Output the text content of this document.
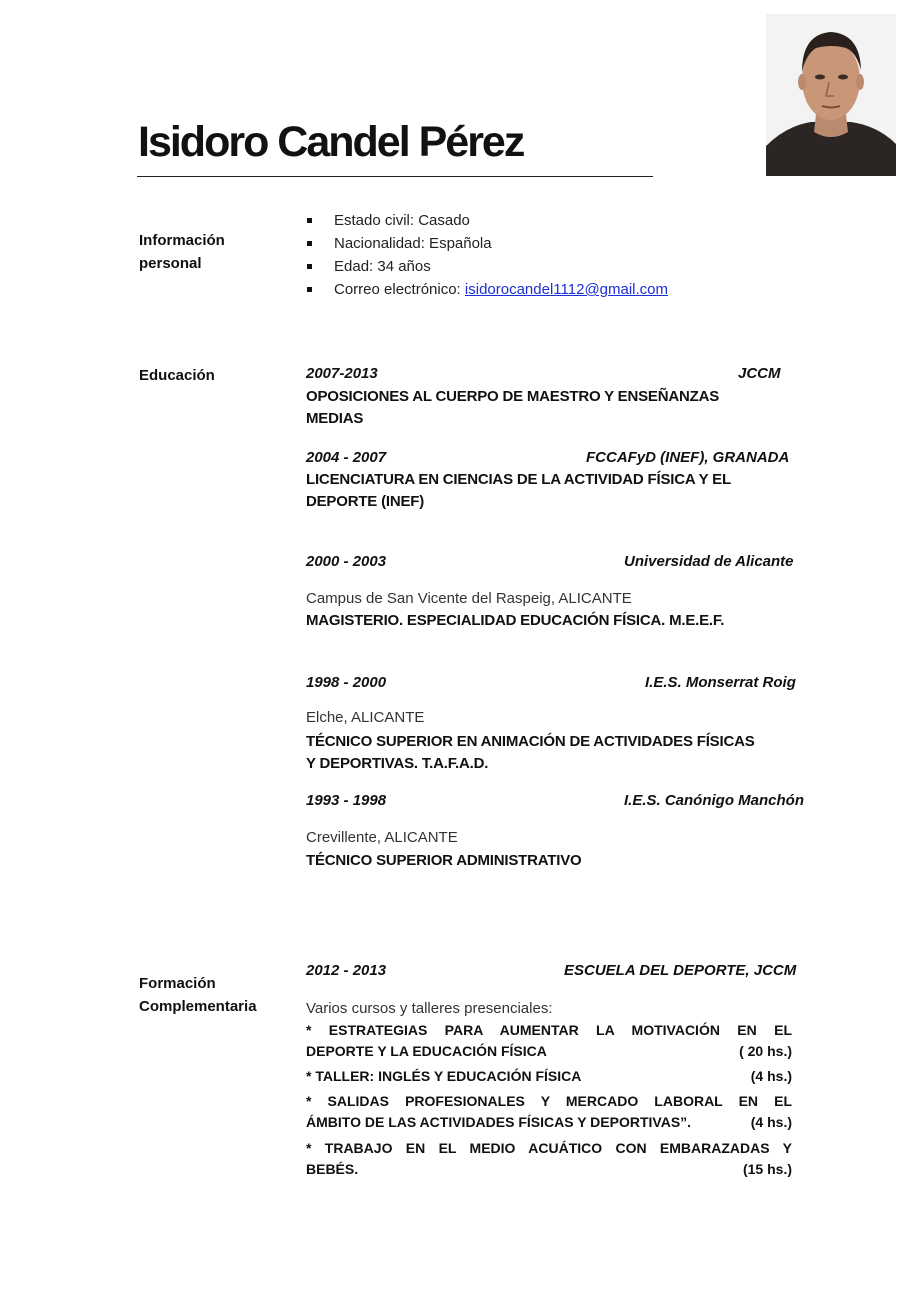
Isidoro Candel Pérez
Información
personal
Estado civil: Casado
Nacionalidad: Española
Edad: 34 años
Correo electrónico: isidorocandel1112@gmail.com
Educación	2007-2013	JCCM
OPOSICIONES AL CUERPO DE MAESTRO Y ENSEÑANZAS
MEDIAS
2004 - 2007	FCCAFyD (INEF), GRANADA
LICENCIATURA EN CIENCIAS DE LA ACTIVIDAD FÍSICA Y EL
DEPORTE (INEF)
2000 - 2003	Universidad de Alicante
Campus de San Vicente del Raspeig, ALICANTE
MAGISTERIO. ESPECIALIDAD EDUCACIÓN FÍSICA. M.E.E.F.
1998 - 2000	I.E.S. Monserrat Roig
Elche, ALICANTE
TÉCNICO SUPERIOR EN ANIMACIÓN DE ACTIVIDADES FÍSICAS
Y DEPORTIVAS. T.A.F.A.D.
1993 - 1998	I.E.S. Canónigo Manchón
Crevillente, ALICANTE
TÉCNICO SUPERIOR ADMINISTRATIVO
Formación
Complementaria
2012 - 2013	ESCUELA DEL DEPORTE, JCCM
Varios cursos y talleres presenciales:
* ESTRATEGIAS PARA AUMENTAR LA MOTIVACIÓN EN EL
DEPORTE Y LA EDUCACIÓN FÍSICA	( 20 hs.)
* TALLER: INGLÉS Y EDUCACIÓN FÍSICA	(4 hs.)
* SALIDAS PROFESIONALES Y MERCADO LABORAL EN EL
ÁMBITO DE LAS ACTIVIDADES FÍSICAS Y DEPORTIVAS”.	(4 hs.)
* TRABAJO EN EL MEDIO ACUÁTICO CON EMBARAZADAS Y
BEBÉS.	(15 hs.)
